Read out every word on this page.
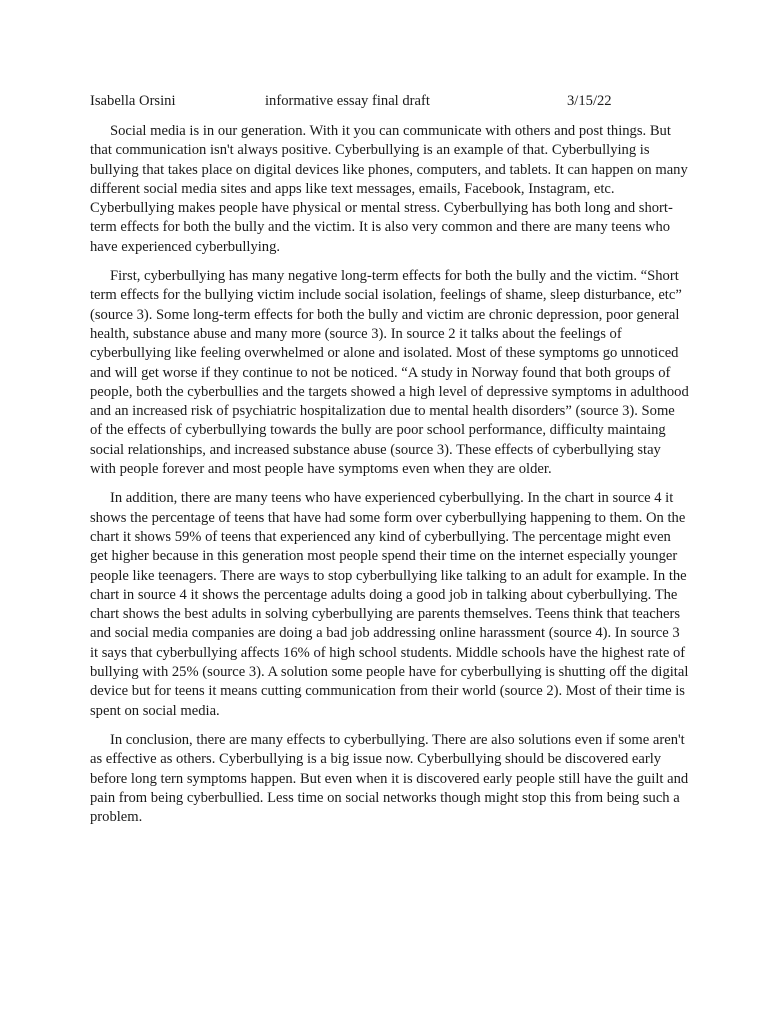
Isabella Orsini	informative essay final draft	3/15/22

Social media is in our generation. With it you can communicate with others and post things. But that communication isn't always positive. Cyberbullying is an example of that. Cyberbullying is bullying that takes place on digital devices like phones, computers, and tablets. It can happen on many different social media sites and apps like text messages, emails, Facebook, Instagram, etc. Cyberbullying makes people have physical or mental stress. Cyberbullying has both long and short-term effects for both the bully and the victim. It is also very common and there are many teens who have experienced cyberbullying.

First, cyberbullying has many negative long-term effects for both the bully and the victim. “Short term effects for the bullying victim include social isolation, feelings of shame, sleep disturbance, etc” (source 3). Some long-term effects for both the bully and victim are chronic depression, poor general health, substance abuse and many more (source 3). In source 2 it talks about the feelings of cyberbullying like feeling overwhelmed or alone and isolated. Most of these symptoms go unnoticed and will get worse if they continue to not be noticed. “A study in Norway found that both groups of people, both the cyberbullies and the targets showed a high level of depressive symptoms in adulthood and an increased risk of psychiatric hospitalization due to mental health disorders” (source 3). Some of the effects of cyberbullying towards the bully are poor school performance, difficulty maintaing social relationships, and increased substance abuse (source 3). These effects of cyberbullying stay with people forever and most people have symptoms even when they are older.

In addition, there are many teens who have experienced cyberbullying. In the chart in source 4 it shows the percentage of teens that have had some form over cyberbullying happening to them. On the chart it shows 59% of teens that experienced any kind of cyberbullying. The percentage might even get higher because in this generation most people spend their time on the internet especially younger people like teenagers. There are ways to stop cyberbullying like talking to an adult for example. In the chart in source 4 it shows the percentage adults doing a good job in talking about cyberbullying. The chart shows the best adults in solving cyberbullying are parents themselves. Teens think that teachers and social media companies are doing a bad job addressing online harassment (source 4). In source 3 it says that cyberbullying affects 16% of high school students. Middle schools have the highest rate of bullying with 25% (source 3). A solution some people have for cyberbullying is shutting off the digital device but for teens it means cutting communication from their world (source 2). Most of their time is spent on social media.

In conclusion, there are many effects to cyberbullying. There are also solutions even if some aren't as effective as others. Cyberbullying is a big issue now. Cyberbullying should be discovered early before long tern symptoms happen. But even when it is discovered early people still have the guilt and pain from being cyberbullied. Less time on social networks though might stop this from being such a problem.
